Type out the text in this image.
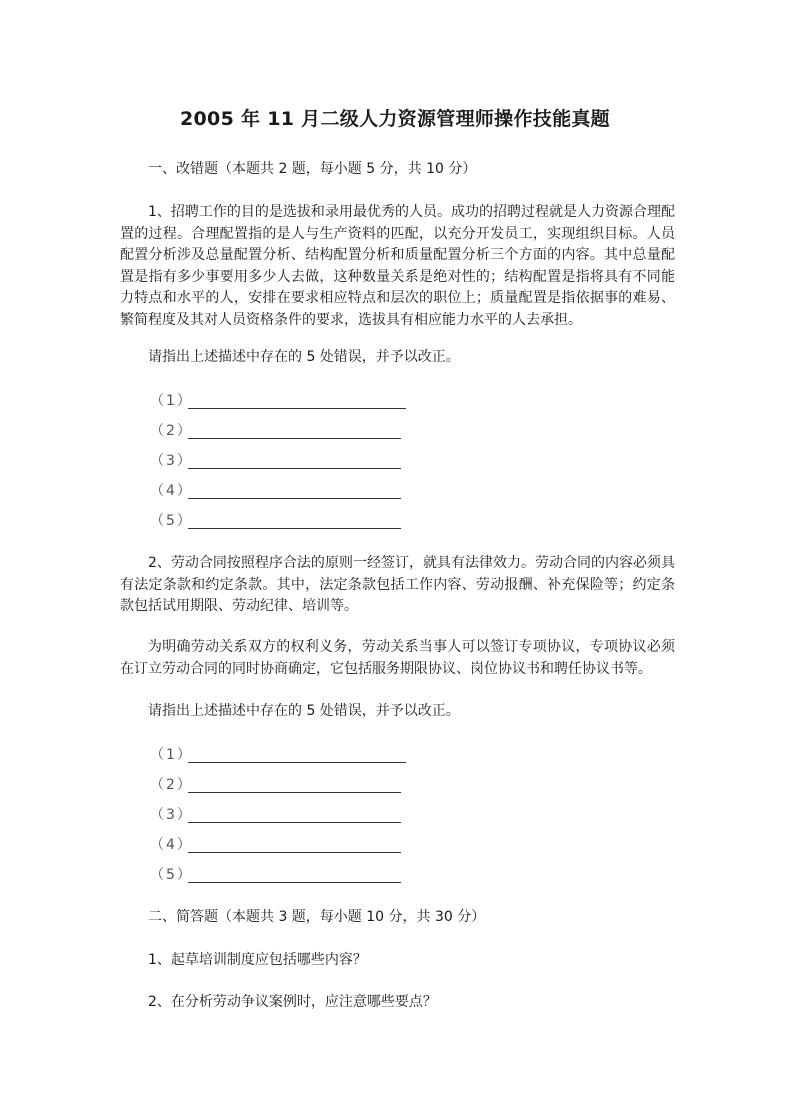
2005 年 11 月二级人力资源管理师操作技能真题
一、改错题（本题共 2 题，每小题 5 分，共 10 分）
1、招聘工作的目的是选拔和录用最优秀的人员。成功的招聘过程就是人力资源合理配置的过程。合理配置指的是人与生产资料的匹配，以充分开发员工，实现组织目标。人员配置分析涉及总量配置分析、结构配置分析和质量配置分析三个方面的内容。其中总量配置是指有多少事要用多少人去做，这种数量关系是绝对性的；结构配置是指将具有不同能力特点和水平的人，安排在要求相应特点和层次的职位上；质量配置是指依据事的难易、繁简程度及其对人员资格条件的要求，选拔具有相应能力水平的人去承担。
请指出上述描述中存在的 5 处错误，并予以改正。
（1）
（2）
（3）
（4）
（5）
2、劳动合同按照程序合法的原则一经签订，就具有法律效力。劳动合同的内容必须具有法定条款和约定条款。其中，法定条款包括工作内容、劳动报酬、补充保险等；约定条款包括试用期限、劳动纪律、培训等。
为明确劳动关系双方的权利义务，劳动关系当事人可以签订专项协议，专项协议必须在订立劳动合同的同时协商确定，它包括服务期限协议、岗位协议书和聘任协议书等。
请指出上述描述中存在的 5 处错误，并予以改正。
（1）
（2）
（3）
（4）
（5）
二、简答题（本题共 3 题，每小题 10 分，共 30 分）
1、起草培训制度应包括哪些内容？
2、在分析劳动争议案例时，应注意哪些要点？
